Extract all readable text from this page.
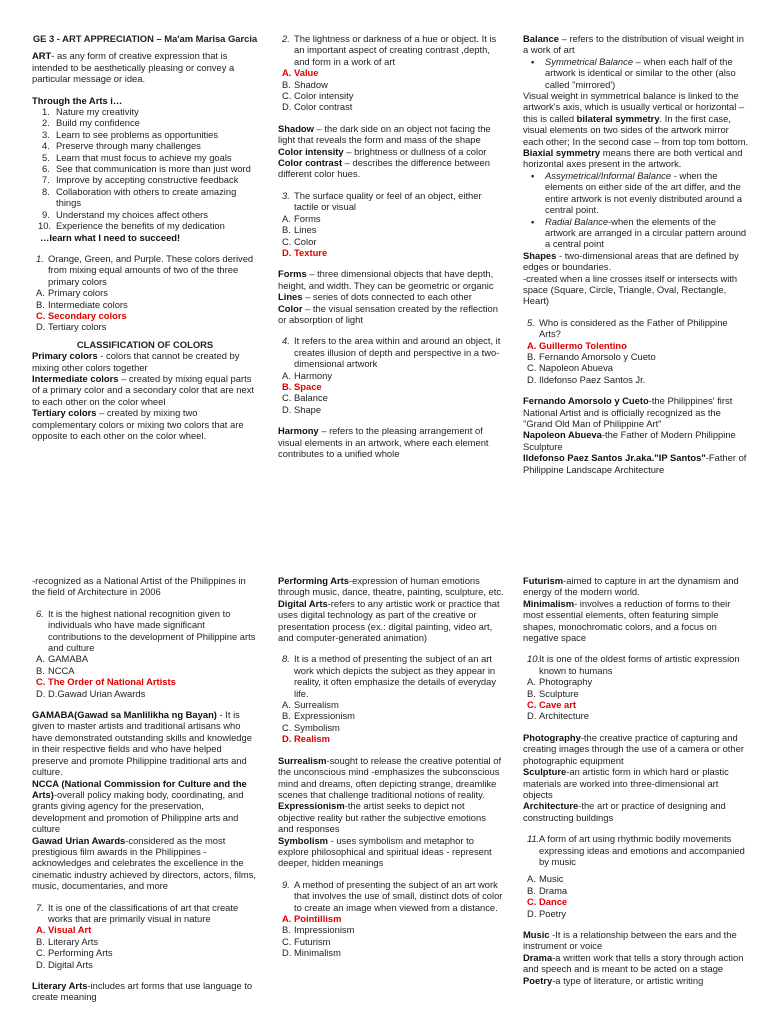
GE 3 - ART APPRECIATION – Ma'am Marisa Garcia

ART- as any form of creative expression that is intended to be aesthetically pleasing or convey a particular message or idea.

Through the Arts i…

1. Nature my creativity
2. Build my confidence
3. Learn to see problems as opportunities
4. Preserve through many challenges
5. Learn that must focus to achieve my goals
6. See that communication is more than just word
7. Improve by accepting constructive feedback
8. Collaboration with others to create amazing things
9. Understand my choices affect others
10. Experience the benefits of my dedication

…learn what I need to succeed!

1. Orange, Green, and Purple. These colors derived from mixing equal amounts of two of the three primary colors

A. Primary colors

B. Intermediate colors

C. Secondary colors

D. Tertiary colors

CLASSIFICATION OF COLORS

Primary colors - colors that cannot be created by mixing other colors together

Intermediate colors – created by mixing equal parts of a primary color and a secondary color that are next to each other on the color wheel

Tertiary colors – created by mixing two complementary colors or mixing two colors that are opposite to each other on the color wheel.

2. The lightness or darkness of a hue or object. It is an important aspect of creating contrast ,depth, and form in a work of art

A. Value

B. Shadow

C. Color intensity

D. Color contrast

Shadow – the dark side on an object not facing the light that reveals the form and mass of the shape

Color intensity – brightness or dullness of a color

Color contrast – describes the difference between different color hues.

3. The surface quality or feel of an object, either tactile or visual

A. Forms

B. Lines

C. Color

D. Texture

Forms – three dimensional objects that have depth, height, and width. They can be geometric or organic

Lines – series of dots connected to each other

Color – the visual sensation created by the reflection or absorption of light

4. It refers to the area within and around an object, it creates illusion of depth and perspective in a two-dimensional artwork

A. Harmony

B. Space

C. Balance

D. Shape

Harmony – refers to the pleasing arrangement of visual elements in an artwork, where each element contributes to a unified whole

Balance – refers to the distribution of visual weight in a work of art

• Symmetrical Balance – when each half of the artwork is identical or similar to the other (also called "mirrored')

Visual weight in symmetrical balance is linked to the artwork's axis, which is usually vertical or horizontal – this is called bilateral symmetry. In the first case, visual elements on two sides of the artwork mirror each other; In the second case – from top tom bottom. Biaxial symmetry means there are both vertical and horizontal axes present in the artwork.

• Assymetrical/Informal Balance - when the elements on either side of the art differ, and the entire artwork is not evenly distributed around a central point.
• Radial Balance-when the elements of the artwork are arranged in a circular pattern around a central point

Shapes - two-dimensional areas that are defined by edges or boundaries.

-created when a line crosses itself or intersects with space (Square, Circle, Triangle, Oval, Rectangle, Heart)

5. Who is considered as the Father of Philippine Arts?

A. Guillermo Tolentino

B. Fernando Amorsolo y Cueto

C. Napoleon Abueva

D. Ildefonso Paez Santos Jr.

Fernando Amorsolo y Cueto-the Philippines' first National Artist and is officially recognized as the "Grand Old Man of Philippine Art"

Napoleon Abueva-the Father of Modern Philippine Sculpture

Ildefonso Paez Santos Jr.aka."IP Santos"-Father of Philippine Landscape Architecture

-recognized as a National Artist of the Philippines in the field of Architecture in 2006

6. It is the highest national recognition given to individuals who have made significant contributions to the development of Philippine arts and culture

A. GAMABA

B. NCCA

C. The Order of National Artists

D. D.Gawad Urian Awards

GAMABA(Gawad sa Manlilikha ng Bayan) - It is given to master artists and traditional artisans who have demonstrated outstanding skills and knowledge in their respective fields and who have helped preserve and promote Philippine traditional arts and culture.

NCCA (National Commission for Culture and the Arts)-overall policy making body, coordinating, and grants giving agency for the preservation, development and promotion of Philippine arts and culture

Gawad Urian Awards-considered as the most prestigious film awards in the Philippines -acknowledges and celebrates the excellence in the cinematic industry achieved by directors, actors, films, music, documentaries, and more

7. It is one of the classifications of art that create works that are primarily visual in nature

A. Visual Art

B. Literary Arts

C. Performing Arts

D. Digital Arts

Literary Arts-includes art forms that use language to create meaning

Performing Arts-expression of human emotions through music, dance, theatre, painting, sculpture, etc.

Digital Arts-refers to any artistic work or practice that uses digital technology as part of the creative or presentation process (ex.: digital painting, video art, and computer-generated animation)

8. It is a method of presenting the subject of an art work which depicts the subject as they appear in reality, it often emphasize the details of everyday life.

A. Surrealism

B. Expressionism

C. Symbolism

D. Realism

Surrealism-sought to release the creative potential of the unconscious mind -emphasizes the subconscious mind and dreams, often depicting strange, dreamlike scenes that challenge traditional notions of reality.

Expressionism-the artist seeks to depict not objective reality but rather the subjective emotions and responses

Symbolism - uses symbolism and metaphor to explore philosophical and spiritual ideas - represent deeper, hidden meanings

9. A method of presenting the subject of an art work that involves the use of small, distinct dots of color to create an image when viewed from a distance.

A. Pointillism

B. Impressionism

C. Futurism

D. Minimalism

Futurism-aimed to capture in art the dynamism and energy of the modern world.

Minimalism- involves a reduction of forms to their most essential elements, often featuring simple shapes, monochromatic colors, and a focus on negative space

10.
It is one of the oldest forms of artistic expression known to humans

A. Photography

B. Sculpture

C. Cave art

D. Architecture

Photography-the creative practice of capturing and creating images through the use of a camera or other photographic equipment

Sculpture-an artistic form in which hard or plastic materials are worked into three-dimensional art objects

Architecture-the art or practice of designing and constructing buildings

11. A form of art using rhythmic bodily movements expressing ideas and emotions and accompanied by music

A. Music

B. Drama

C. Dance

D. Poetry

Music -It is a relationship between the ears and the instrument or voice

Drama-a written work that tells a story through action and speech and is meant to be acted on a stage

Poetry-a type of literature, or artistic writing
